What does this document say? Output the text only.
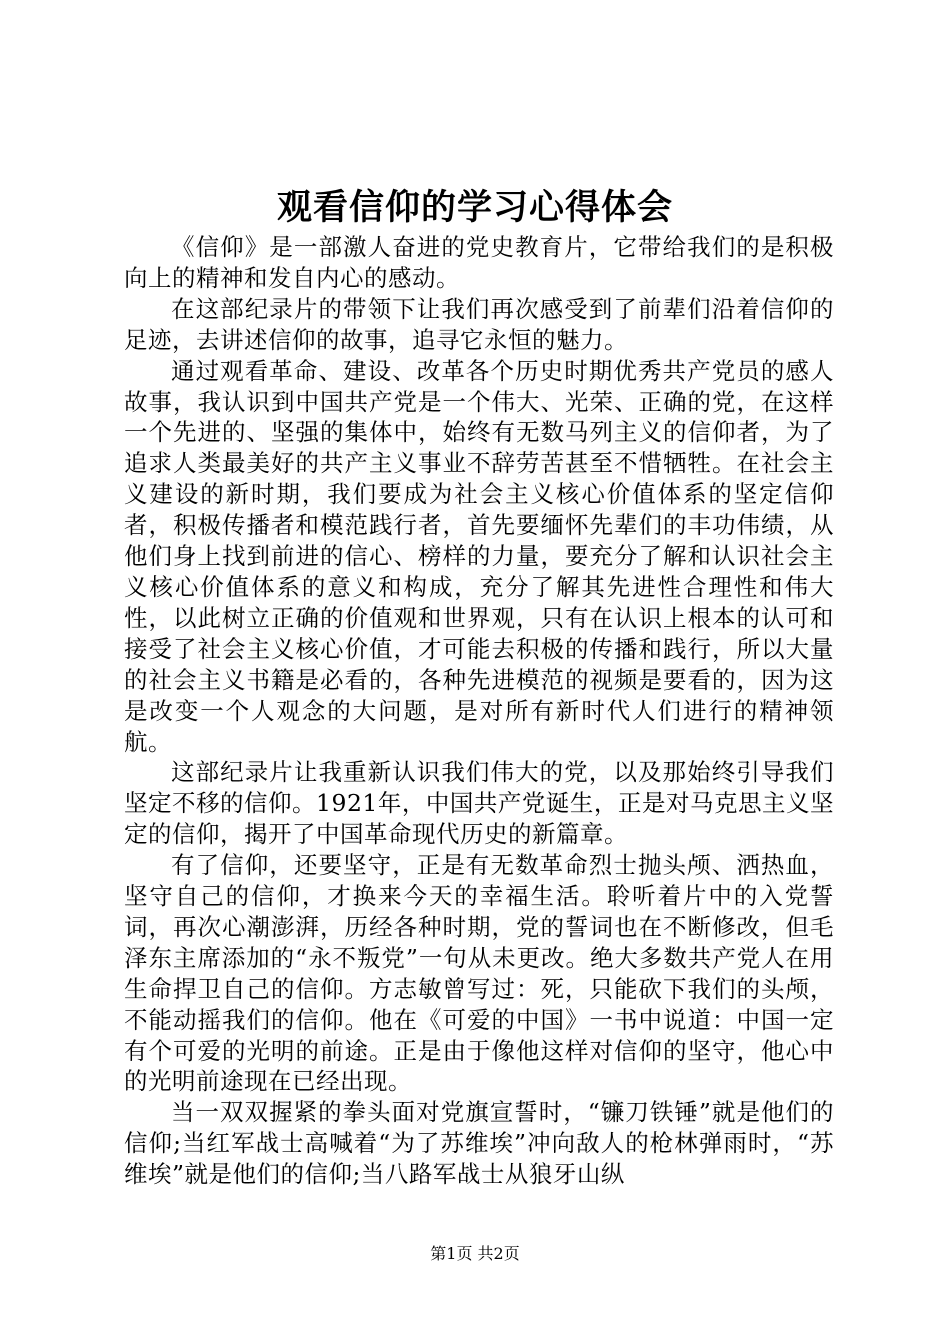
观看信仰的学习心得体会

《信仰》是一部激人奋进的党史教育片，它带给我们的是积极向上的精神和发自内心的感动。

在这部纪录片的带领下让我们再次感受到了前辈们沿着信仰的足迹，去讲述信仰的故事，追寻它永恒的魅力。

通过观看革命、建设、改革各个历史时期优秀共产党员的感人故事，我认识到中国共产党是一个伟大、光荣、正确的党，在这样一个先进的、坚强的集体中，始终有无数马列主义的信仰者，为了追求人类最美好的共产主义事业不辞劳苦甚至不惜牺牲。在社会主义建设的新时期，我们要成为社会主义核心价值体系的坚定信仰者，积极传播者和模范践行者，首先要缅怀先辈们的丰功伟绩，从他们身上找到前进的信心、榜样的力量，要充分了解和认识社会主义核心价值体系的意义和构成，充分了解其先进性合理性和伟大性，以此树立正确的价值观和世界观，只有在认识上根本的认可和接受了社会主义核心价值，才可能去积极的传播和践行，所以大量的社会主义书籍是必看的，各种先进模范的视频是要看的，因为这是改变一个人观念的大问题，是对所有新时代人们进行的精神领航。

这部纪录片让我重新认识我们伟大的党，以及那始终引导我们坚定不移的信仰。1921年，中国共产党诞生，正是对马克思主义坚定的信仰，揭开了中国革命现代历史的新篇章。

有了信仰，还要坚守，正是有无数革命烈士抛头颅、洒热血，坚守自己的信仰，才换来今天的幸福生活。聆听着片中的入党誓词，再次心潮澎湃，历经各种时期，党的誓词也在不断修改，但毛泽东主席添加的“永不叛党”一句从未更改。绝大多数共产党人在用生命捍卫自己的信仰。方志敏曾写过：死，只能砍下我们的头颅，不能动摇我们的信仰。他在《可爱的中国》一书中说道：中国一定有个可爱的光明的前途。正是由于像他这样对信仰的坚守，他心中的光明前途现在已经出现。

当一双双握紧的拳头面对党旗宣誓时，“镰刀铁锤”就是他们的信仰;当红军战士高喊着“为了苏维埃”冲向敌人的枪林弹雨时，“苏维埃”就是他们的信仰;当八路军战士从狼牙山纵

第1页 共2页
